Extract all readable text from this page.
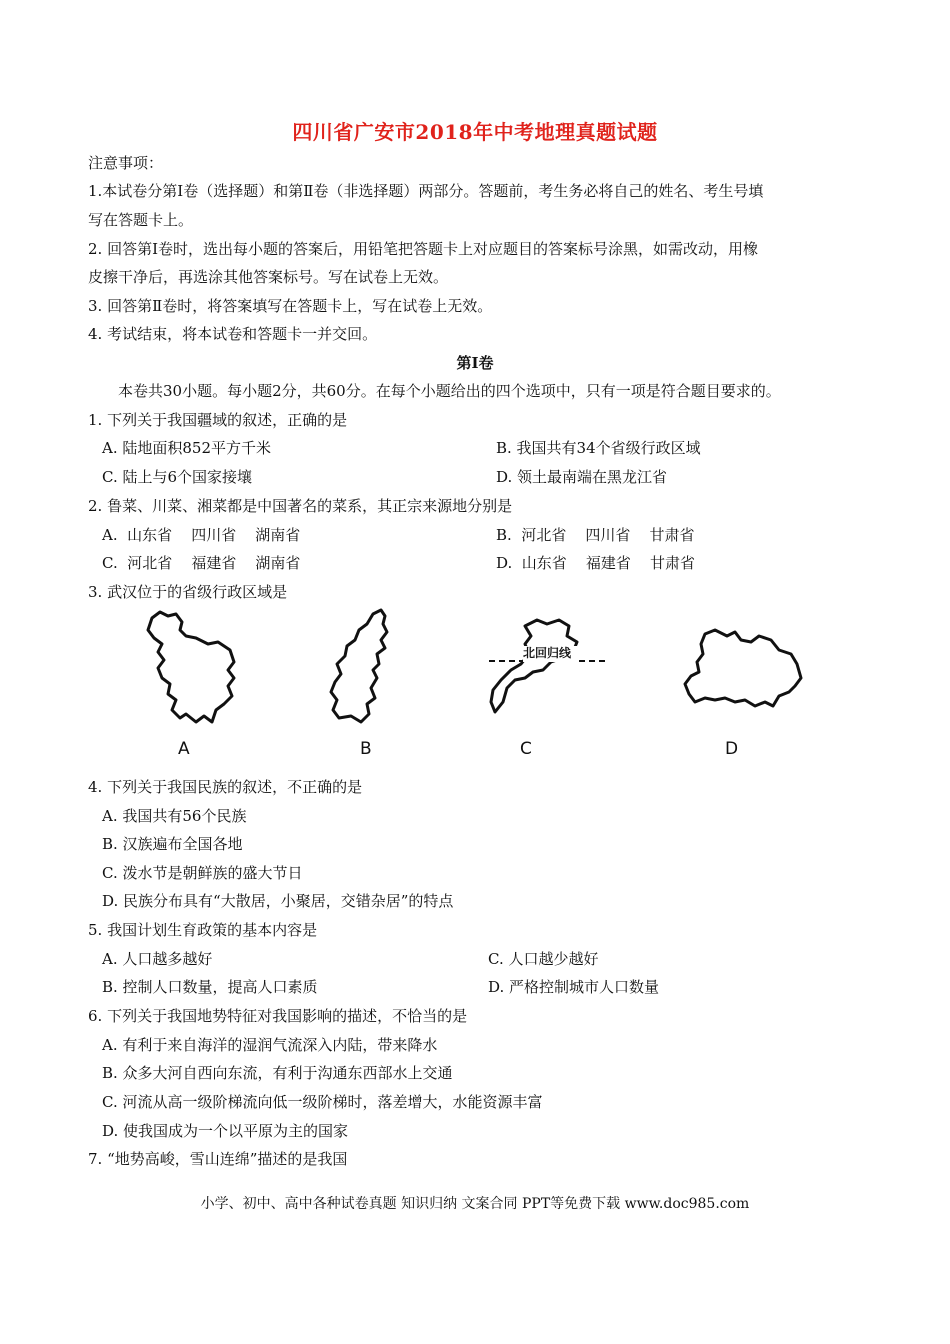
四川省广安市2018年中考地理真题试题
注意事项：
1.本试卷分第Ⅰ卷（选择题）和第Ⅱ卷（非选择题）两部分。答题前，考生务必将自己的姓名、考生号填
写在答题卡上。
2. 回答第Ⅰ卷时，选出每小题的答案后，用铅笔把答题卡上对应题目的答案标号涂黑，如需改动，用橡
皮擦干净后，再选涂其他答案标号。写在试卷上无效。
3. 回答第Ⅱ卷时，将答案填写在答题卡上，写在试卷上无效。
4. 考试结束，将本试卷和答题卡一并交回。
第Ⅰ卷
本卷共30小题。每小题2分，共60分。在每个小题给出的四个选项中，只有一项是符合题目要求的。
1. 下列关于我国疆域的叙述，正确的是
A. 陆地面积852平方千米	B. 我国共有34个省级行政区域
C. 陆上与6个国家接壤	D. 领土最南端在黑龙江省
2. 鲁菜、川菜、湘菜都是中国著名的菜系，其正宗来源地分别是
A.  山东省    四川省    湖南省	B.  河北省    四川省    甘肃省
C.  河北省    福建省    湖南省	D.  山东省    福建省    甘肃省
3. 武汉位于的省级行政区域是
A	B
北回归线
C	D
4. 下列关于我国民族的叙述，不正确的是
A. 我国共有56个民族
B. 汉族遍布全国各地
C. 泼水节是朝鲜族的盛大节日
D. 民族分布具有“大散居，小聚居，交错杂居”的特点
5. 我国计划生育政策的基本内容是
A. 人口越多越好	C. 人口越少越好
B. 控制人口数量，提高人口素质	D. 严格控制城市人口数量
6. 下列关于我国地势特征对我国影响的描述，不恰当的是
A. 有利于来自海洋的湿润气流深入内陆，带来降水
B. 众多大河自西向东流，有利于沟通东西部水上交通
C. 河流从高一级阶梯流向低一级阶梯时，落差增大，水能资源丰富
D. 使我国成为一个以平原为主的国家
7. “地势高峻，雪山连绵”描述的是我国
小学、初中、高中各种试卷真题 知识归纳 文案合同 PPT等免费下载 www.doc985.com
